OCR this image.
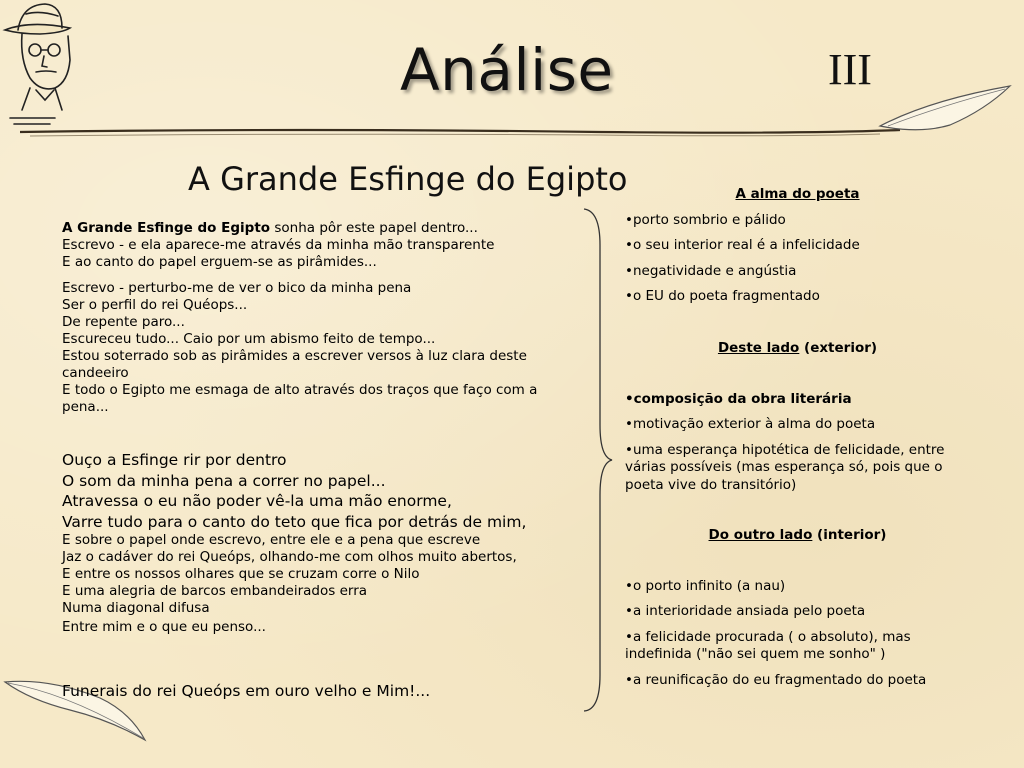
Análise	III
A Grande Esfinge do Egipto
A Grande Esfinge do Egipto sonha pôr este papel dentro...
Escrevo - e ela aparece-me através da minha mão transparente
E ao canto do papel erguem-se as pirâmides...
Escrevo - perturbo-me de ver o bico da minha pena
Ser o perfil do rei Quéops...
De repente paro...
Escureceu tudo... Caio por um abismo feito de tempo...
Estou soterrado sob as pirâmides a escrever versos à luz clara deste
candeeiro
E todo o Egipto me esmaga de alto através dos traços que faço com a
pena...
Ouço a Esfinge rir por dentro
O som da minha pena a correr no papel...
Atravessa o eu não poder vê-la uma mão enorme,
Varre tudo para o canto do teto que fica por detrás de mim,
E sobre o papel onde escrevo, entre ele e a pena que escreve
Jaz o cadáver do rei Queóps, olhando-me com olhos muito abertos,
E entre os nossos olhares que se cruzam corre o Nilo
E uma alegria de barcos embandeirados erra
Numa diagonal difusa
Entre mim e o que eu penso...
Funerais do rei Queóps em ouro velho e Mim!...
A alma do poeta
•porto sombrio e pálido
•o seu interior real é a infelicidade
•negatividade e angústia
•o EU do poeta fragmentado
Deste lado (exterior)
•composição da obra literária
•motivação exterior à alma do poeta
•uma esperança hipotética de felicidade, entre várias possíveis (mas esperança só, pois que o poeta vive do transitório)
Do outro lado (interior)
•o porto infinito (a nau)
•a interioridade ansiada pelo poeta
•a felicidade procurada ( o absoluto), mas indefinida ("não sei quem me sonho" )
•a reunificação do eu fragmentado do poeta
